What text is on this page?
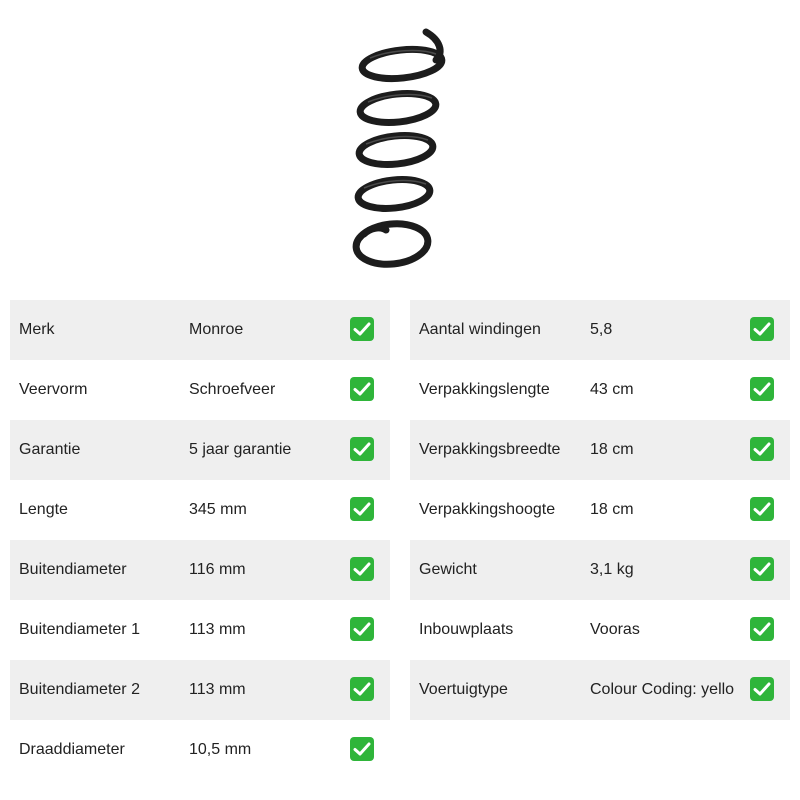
Merk	Monroe
Veervorm	Schroefveer
Garantie	5 jaar garantie
Lengte	345 mm
Buitendiameter	116 mm
Buitendiameter 1	113 mm
Buitendiameter 2	113 mm
Draaddiameter	10,5 mm
Aantal windingen	5,8
Verpakkingslengte	43 cm
Verpakkingsbreedte 18 cm
Verpakkingshoogte 18 cm
Gewicht	3,1 kg
Inbouwplaats	Vooras
Voertuigtype	Colour Coding: yello
